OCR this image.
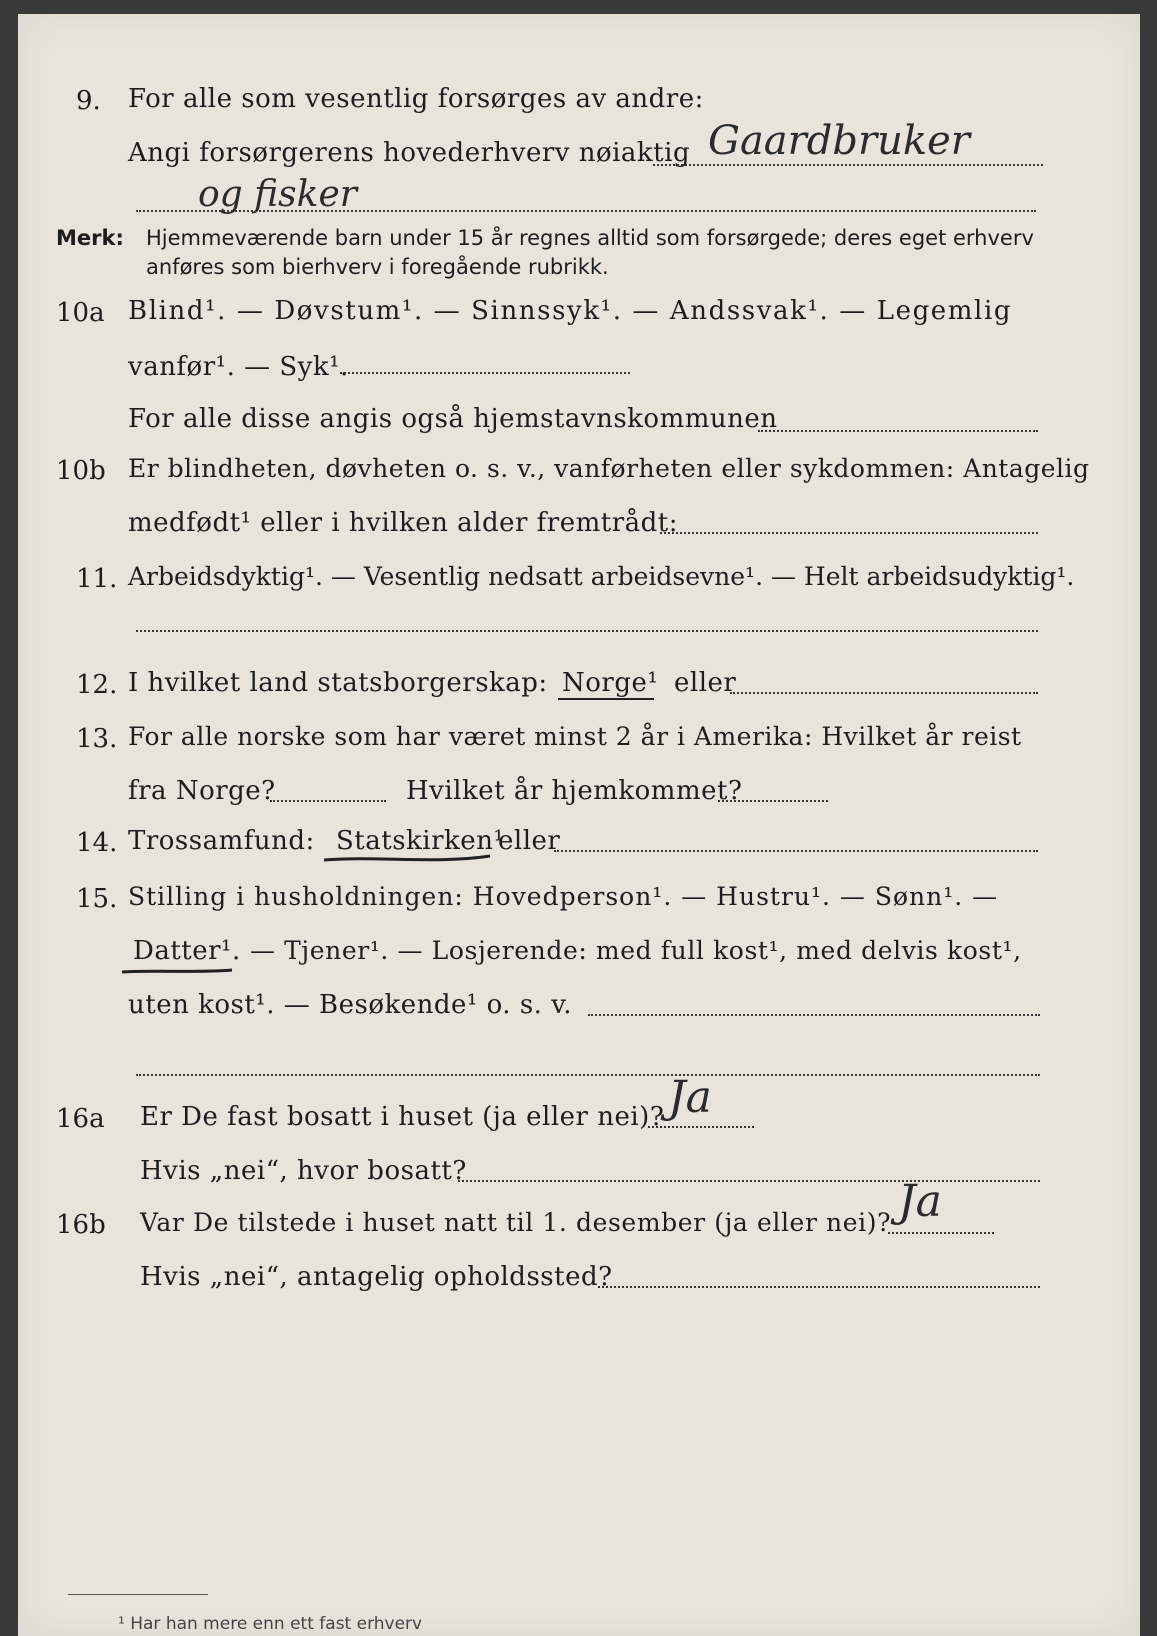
9. For alle som vesentlig forsørges av andre:
Angi forsørgerens hovederhverv nøiaktig Gaardbruker
og fisker
Merk: Hjemmeværende barn under 15 år regnes alltid som forsørgede; deres eget erhverv
anføres som bierhverv i foregående rubrikk.
10a Blind¹. — Døvstum¹. — Sinnssyk¹. — Andssvak¹. — Legemlig
vanfør¹. — Syk¹.
For alle disse angis også hjemstavnskommunen
10b Er blindheten, døvheten o. s. v., vanførheten eller sykdommen: Antagelig
medfødt¹ eller i hvilken alder fremtrådt:
11. Arbeidsdyktig¹. — Vesentlig nedsatt arbeidsevne¹. — Helt arbeidsudyktig¹.
12. I hvilket land statsborgerskap: Norge¹ eller
13. For alle norske som har været minst 2 år i Amerika: Hvilket år reist
fra Norge?	Hvilket år hjemkommet?
14. Trossamfund: Statskirken¹
eller
15. Stilling i husholdningen: Hovedperson¹. — Hustru¹. — Sønn¹. —
Datter¹. — Tjener¹. — Losjerende: med full kost¹, med delvis kost¹,
uten kost¹. — Besøkende¹ o. s. v.
16a Er De fast bosatt i huset (ja eller nei)? Ja
Hvis „nei“, hvor bosatt?
16b Var De tilstede i huset natt til 1. desember (ja eller nei)? Ja
Hvis „nei“, antagelig opholdssted?
¹ Har han mere enn ett fast erhverv
